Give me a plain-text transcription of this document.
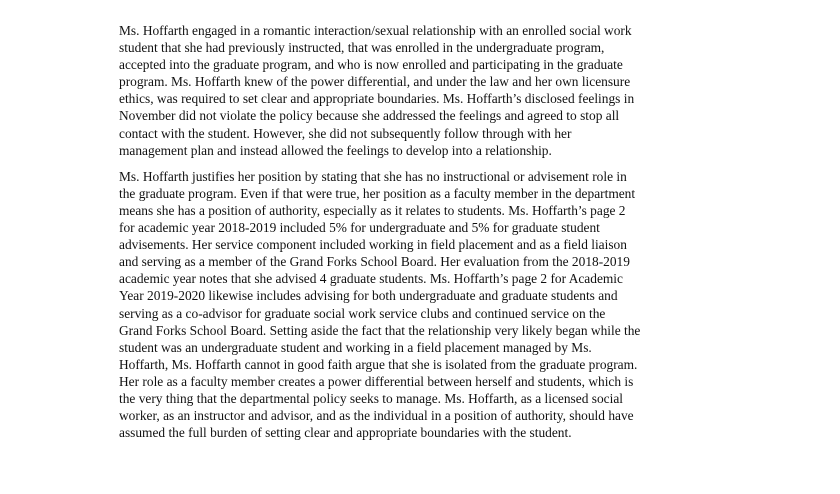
Ms. Hoffarth engaged in a romantic interaction/sexual relationship with an enrolled social work
student that she had previously instructed, that was enrolled in the undergraduate program,
accepted into the graduate program, and who is now enrolled and participating in the graduate
program. Ms. Hoffarth knew of the power differential, and under the law and her own licensure
ethics, was required to set clear and appropriate boundaries. Ms. Hoffarth’s disclosed feelings in
November did not violate the policy because she addressed the feelings and agreed to stop all
contact with the student. However, she did not subsequently follow through with her
management plan and instead allowed the feelings to develop into a relationship.

Ms. Hoffarth justifies her position by stating that she has no instructional or advisement role in
the graduate program. Even if that were true, her position as a faculty member in the department
means she has a position of authority, especially as it relates to students. Ms. Hoffarth’s page 2
for academic year 2018-2019 included 5% for undergraduate and 5% for graduate student
advisements. Her service component included working in field placement and as a field liaison
and serving as a member of the Grand Forks School Board. Her evaluation from the 2018-2019
academic year notes that she advised 4 graduate students. Ms. Hoffarth’s page 2 for Academic
Year 2019-2020 likewise includes advising for both undergraduate and graduate students and
serving as a co-advisor for graduate social work service clubs and continued service on the
Grand Forks School Board. Setting aside the fact that the relationship very likely began while the
student was an undergraduate student and working in a field placement managed by Ms.
Hoffarth, Ms. Hoffarth cannot in good faith argue that she is isolated from the graduate program.
Her role as a faculty member creates a power differential between herself and students, which is
the very thing that the departmental policy seeks to manage. Ms. Hoffarth, as a licensed social
worker, as an instructor and advisor, and as the individual in a position of authority, should have
assumed the full burden of setting clear and appropriate boundaries with the student.
